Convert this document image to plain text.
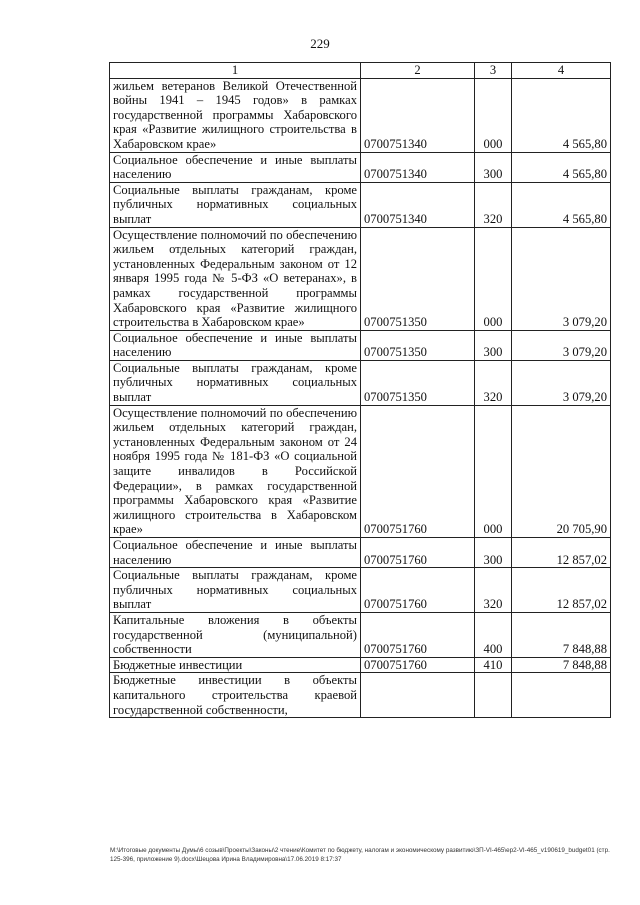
229
1	2	3	4
жильем ветеранов Великой Отечественной войны 1941 – 1945 годов» в рамках государственной программы Хабаровского края «Развитие жилищного строительства в Хабаровском крае»	0700751340	000	4 565,80
Социальное обеспечение и иные выплаты населению	0700751340	300	4 565,80
Социальные выплаты гражданам, кроме публичных нормативных социальных выплат	0700751340	320	4 565,80
Осуществление полномочий по обеспечению жильем отдельных категорий граждан, установленных Федеральным законом от 12 января 1995 года № 5-ФЗ «О ветеранах», в рамках государственной программы Хабаровского края «Развитие жилищного строительства в Хабаровском крае»	0700751350	000	3 079,20
Социальное обеспечение и иные выплаты населению	0700751350	300	3 079,20
Социальные выплаты гражданам, кроме публичных нормативных социальных выплат	0700751350	320	3 079,20
Осуществление полномочий по обеспечению жильем отдельных категорий граждан, установленных Федеральным законом от 24 ноября 1995 года № 181-ФЗ «О социальной защите инвалидов в Российской Федерации», в рамках государственной программы Хабаровского края «Развитие жилищного строительства в Хабаровском крае»	0700751760	000	20 705,90
Социальное обеспечение и иные выплаты населению	0700751760	300	12 857,02
Социальные выплаты гражданам, кроме публичных нормативных социальных выплат	0700751760	320	12 857,02
Капитальные вложения в объекты государственной (муниципальной) собственности	0700751760	400	7 848,88
Бюджетные инвестиции	0700751760	410	7 848,88
Бюджетные инвестиции в объекты капитального строительства краевой государственной собственности,			
M:\Итоговые документы Думы\6 созыв\Проекты\Законы\2 чтение\Комитет по бюджету, налогам и экономическому развитию\ЗП-VI-465\ер2-VI-465_v190619_budget01 (стр.125-396, приложение 9).docx\Шецова Ирина Владимировна\17.06.2019 8:17:37
